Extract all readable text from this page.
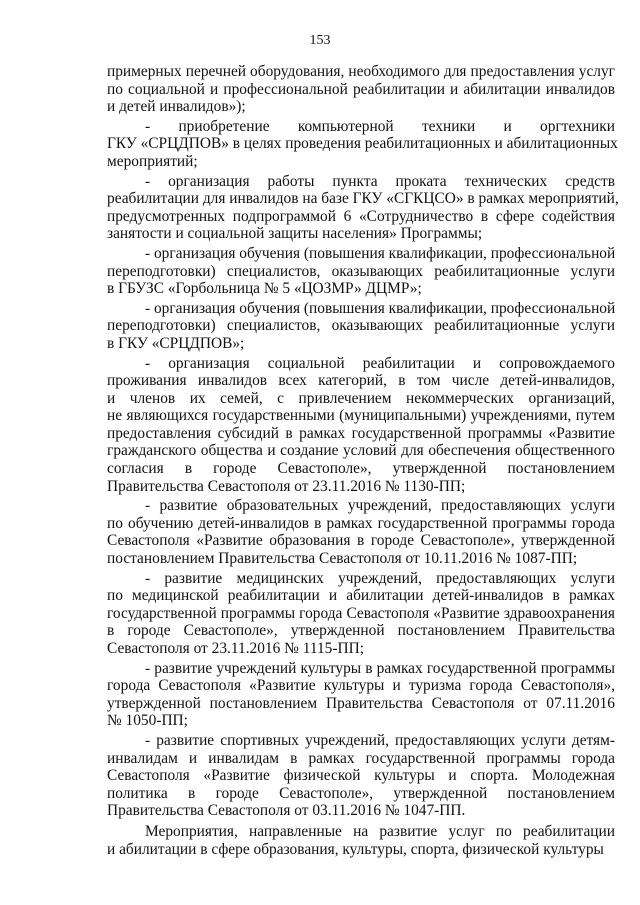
153
примерных перечней оборудования, необходимого для предоставления услуг
по социальной и профессиональной реабилитации и абилитации инвалидов
и детей инвалидов»);
- приобретение компьютерной техники и оргтехники
ГКУ «СРЦДПОВ» в целях проведения реабилитационных и абилитационных
мероприятий;
- организация работы пункта проката технических средств
реабилитации для инвалидов на базе ГКУ «СГКЦСО» в рамках мероприятий,
предусмотренных подпрограммой 6 «Сотрудничество в сфере содействия
занятости и социальной защиты населения» Программы;
- организация обучения (повышения квалификации, профессиональной
переподготовки) специалистов, оказывающих реабилитационные услуги
в ГБУЗС «Горбольница № 5 «ЦОЗМР» ДЦМР»;
- организация обучения (повышения квалификации, профессиональной
переподготовки) специалистов, оказывающих реабилитационные услуги
в ГКУ «СРЦДПОВ»;
- организация социальной реабилитации и сопровождаемого
проживания инвалидов всех категорий, в том числе детей-инвалидов,
и членов их семей, с привлечением некоммерческих организаций,
не являющихся государственными (муниципальными) учреждениями, путем
предоставления субсидий в рамках государственной программы «Развитие
гражданского общества и создание условий для обеспечения общественного
согласия в городе Севастополе», утвержденной постановлением
Правительства Севастополя от 23.11.2016 № 1130-ПП;
- развитие образовательных учреждений, предоставляющих услуги
по обучению детей-инвалидов в рамках государственной программы города
Севастополя «Развитие образования в городе Севастополе», утвержденной
постановлением Правительства Севастополя от 10.11.2016 № 1087-ПП;
- развитие медицинских учреждений, предоставляющих услуги
по медицинской реабилитации и абилитации детей-инвалидов в рамках
государственной программы города Севастополя «Развитие здравоохранения
в городе Севастополе», утвержденной постановлением Правительства
Севастополя от 23.11.2016 № 1115-ПП;
- развитие учреждений культуры в рамках государственной программы
города Севастополя «Развитие культуры и туризма города Севастополя»,
утвержденной постановлением Правительства Севастополя от 07.11.2016
№ 1050-ПП;
- развитие спортивных учреждений, предоставляющих услуги детям-
инвалидам и инвалидам в рамках государственной программы города
Севастополя «Развитие физической культуры и спорта. Молодежная
политика в городе Севастополе», утвержденной постановлением
Правительства Севастополя от 03.11.2016 № 1047-ПП.
Мероприятия, направленные на развитие услуг по реабилитации
и абилитации в сфере образования, культуры, спорта, физической культуры
